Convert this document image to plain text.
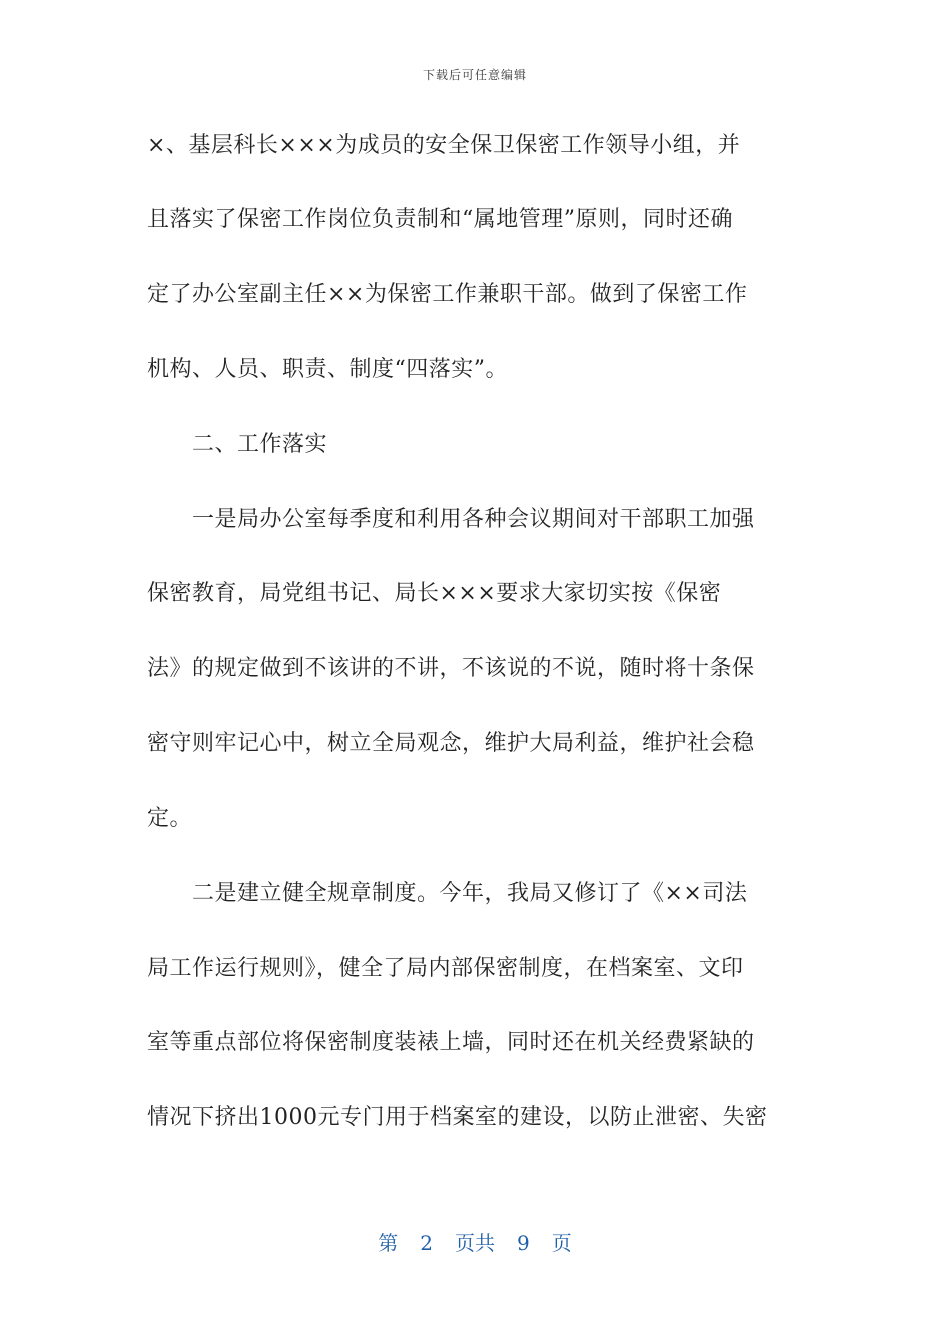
下载后可任意编辑
×、基层科长×××为成员的安全保卫保密工作领导小组，并
且落实了保密工作岗位负责制和“属地管理”原则，同时还确
定了办公室副主任××为保密工作兼职干部。做到了保密工作
机构、人员、职责、制度“四落实”。
　　二、工作落实
　　一是局办公室每季度和利用各种会议期间对干部职工加强
保密教育，局党组书记、局长×××要求大家切实按《保密
法》的规定做到不该讲的不讲，不该说的不说，随时将十条保
密守则牢记心中，树立全局观念，维护大局利益，维护社会稳
定。
　　二是建立健全规章制度。今年，我局又修订了《××司法
局工作运行规则》，健全了局内部保密制度，在档案室、文印
室等重点部位将保密制度装裱上墙，同时还在机关经费紧缺的
情况下挤出1000元专门用于档案室的建设，以防止泄密、失密
第 2 页共 9 页
